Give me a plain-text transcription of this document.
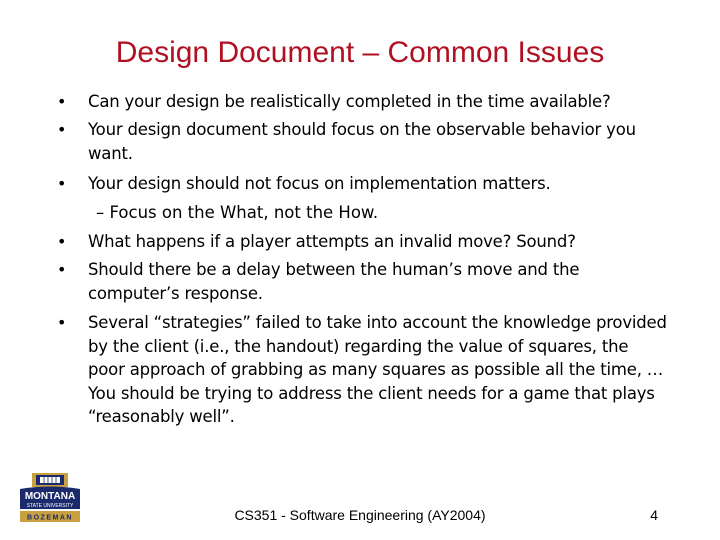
Design Document – Common Issues
• Can your design be realistically completed in the time available?
• Your design document should focus on the observable behavior you want.
• Your design should not focus on implementation matters.
– Focus on the What, not the How.
• What happens if a player attempts an invalid move? Sound?
• Should there be a delay between the human’s move and the computer’s response.
• Several “strategies” failed to take into account the knowledge provided by the client (i.e., the handout) regarding the value of squares, the poor approach of grabbing as many squares as possible all the time, … You should be trying to address the client needs for a game that plays “reasonably well”.
MONTANA
STATE UNIVERSITY
BOZEMAN	CS351 - Software Engineering (AY2004)	4
